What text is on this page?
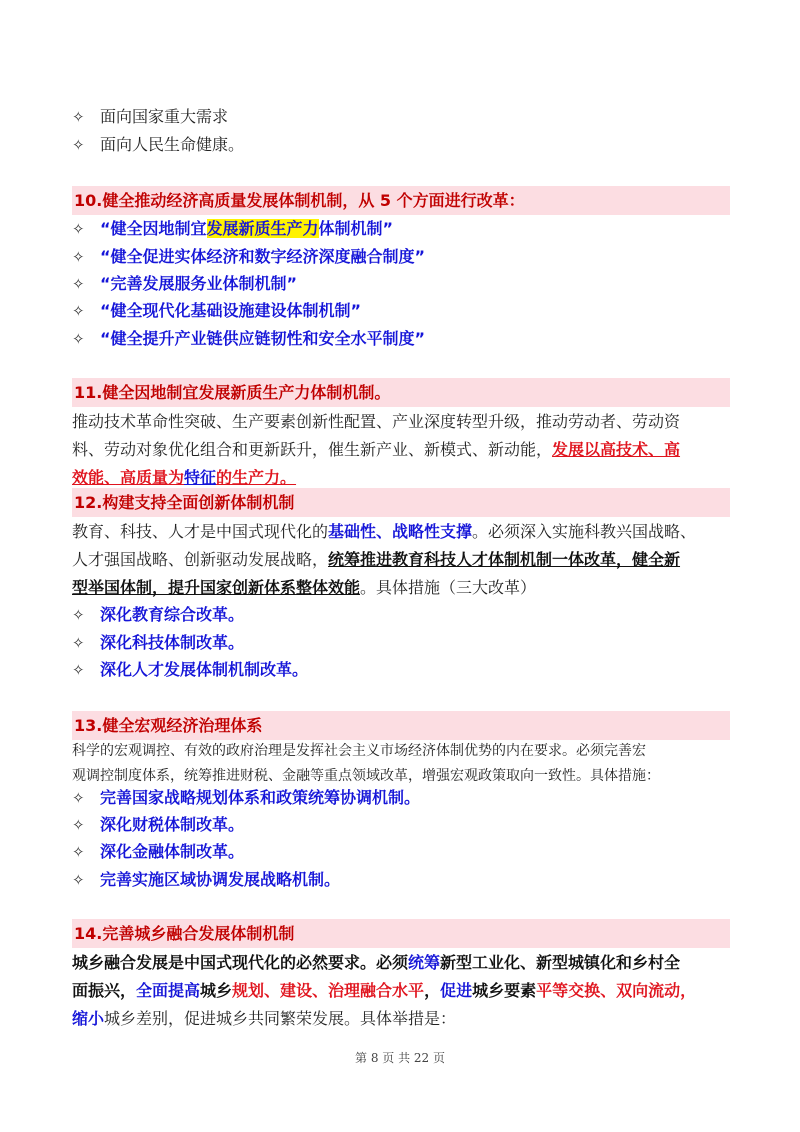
✧ 面向国家重大需求
✧ 面向人民生命健康。
10.健全推动经济高质量发展体制机制，从 5 个方面进行改革：
✧ “健全因地制宜发展新质生产力体制机制”
✧ “健全促进实体经济和数字经济深度融合制度”
✧ “完善发展服务业体制机制”
✧ “健全现代化基础设施建设体制机制”
✧ “健全提升产业链供应链韧性和安全水平制度”
11.健全因地制宜发展新质生产力体制机制。
推动技术革命性突破、生产要素创新性配置、产业深度转型升级，推动劳动者、劳动资
料、劳动对象优化组合和更新跃升，催生新产业、新模式、新动能，发展以高技术、高
效能、高质量为特征的生产力。
12.构建支持全面创新体制机制
教育、科技、人才是中国式现代化的基础性、战略性支撑。必须深入实施科教兴国战略、
人才强国战略、创新驱动发展战略，统筹推进教育科技人才体制机制一体改革，健全新
型举国体制，提升国家创新体系整体效能。具体措施（三大改革）
✧ 深化教育综合改革。
✧ 深化科技体制改革。
✧ 深化人才发展体制机制改革。
13.健全宏观经济治理体系
科学的宏观调控、有效的政府治理是发挥社会主义市场经济体制优势的内在要求。必须完善宏
观调控制度体系，统筹推进财税、金融等重点领域改革，增强宏观政策取向一致性。具体措施：
✧ 完善国家战略规划体系和政策统筹协调机制。
✧ 深化财税体制改革。
✧ 深化金融体制改革。
✧ 完善实施区域协调发展战略机制。
14.完善城乡融合发展体制机制
城乡融合发展是中国式现代化的必然要求。必须统筹新型工业化、新型城镇化和乡村全
面振兴，全面提高城乡规划、建设、治理融合水平，促进城乡要素平等交换、双向流动，
缩小城乡差别，促进城乡共同繁荣发展。具体举措是：
第 8 页 共 22 页
